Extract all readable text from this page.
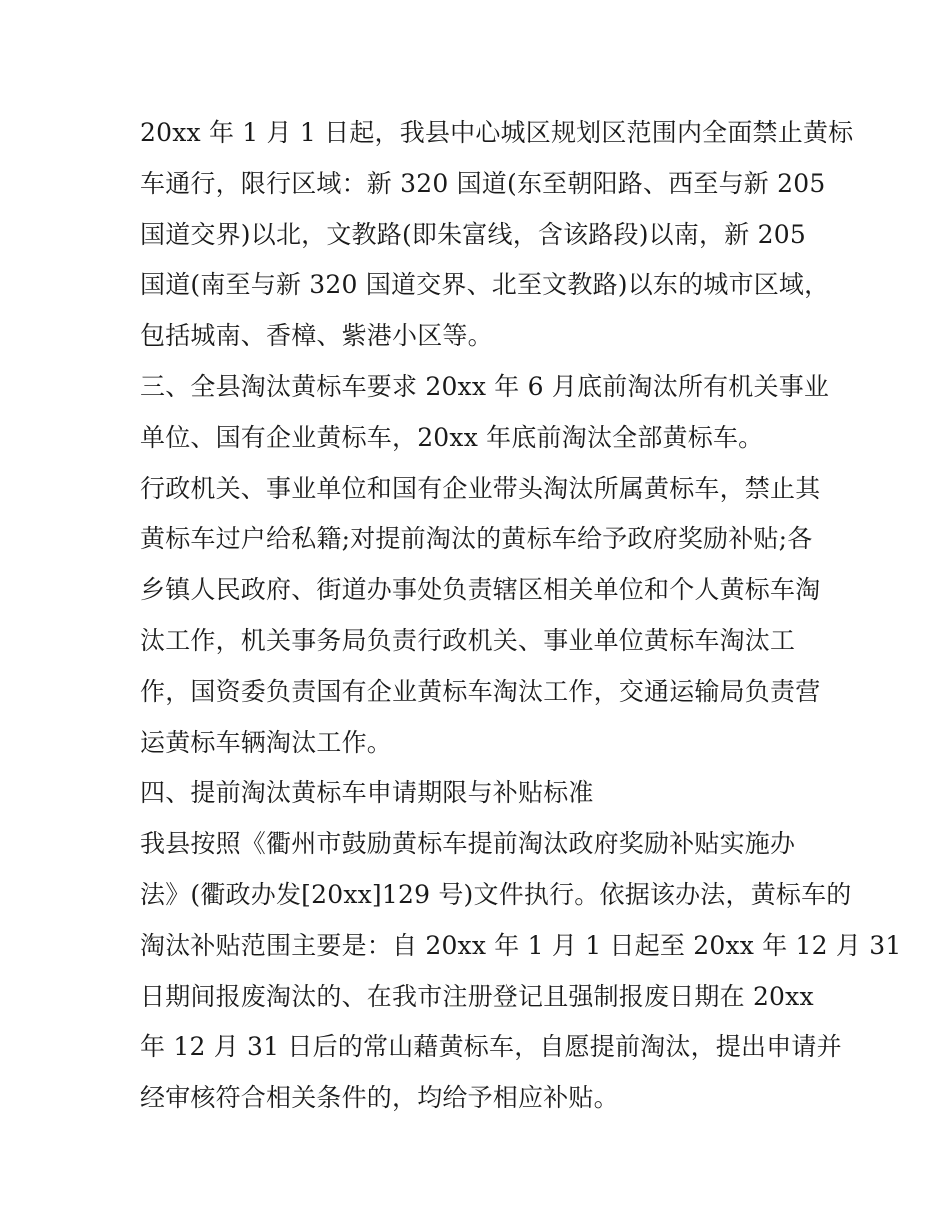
20xx 年 1 月 1 日起，我县中心城区规划区范围内全面禁止黄标
车通行，限行区域：新 320 国道(东至朝阳路、西至与新 205
国道交界)以北，文教路(即朱富线，含该路段)以南，新 205
国道(南至与新 320 国道交界、北至文教路)以东的城市区域，
包括城南、香樟、紫港小区等。
三、全县淘汰黄标车要求 20xx 年 6 月底前淘汰所有机关事业
单位、国有企业黄标车，20xx 年底前淘汰全部黄标车。
行政机关、事业单位和国有企业带头淘汰所属黄标车，禁止其
黄标车过户给私籍;对提前淘汰的黄标车给予政府奖励补贴;各
乡镇人民政府、街道办事处负责辖区相关单位和个人黄标车淘
汰工作，机关事务局负责行政机关、事业单位黄标车淘汰工
作，国资委负责国有企业黄标车淘汰工作，交通运输局负责营
运黄标车辆淘汰工作。
四、提前淘汰黄标车申请期限与补贴标准
我县按照《衢州市鼓励黄标车提前淘汰政府奖励补贴实施办
法》(衢政办发[20xx]129 号)文件执行。依据该办法，黄标车的
淘汰补贴范围主要是：自 20xx 年 1 月 1 日起至 20xx 年 12 月 31
日期间报废淘汰的、在我市注册登记且强制报废日期在 20xx
年 12 月 31 日后的常山藉黄标车，自愿提前淘汰，提出申请并
经审核符合相关条件的，均给予相应补贴。
